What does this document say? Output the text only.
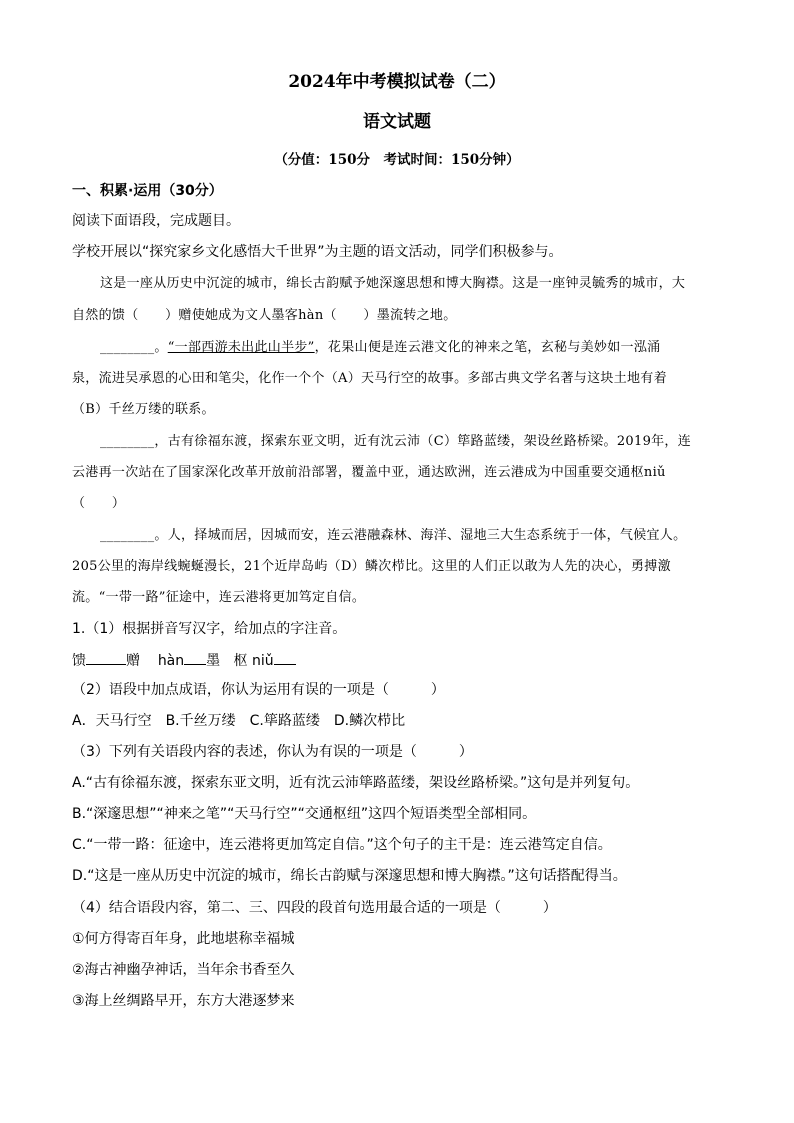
2024年中考模拟试卷（二）
语文试题
（分值：150分　考试时间：150分钟）
一、积累·运用（30分）
阅读下面语段，完成题目。
学校开展以“探究家乡文化感悟大千世界”为主题的语文活动，同学们积极参与。
这是一座从历史中沉淀的城市，绵长古韵赋予她深邃思想和博大胸襟。这是一座钟灵毓秀的城市，大
自然的馈（　　）赠使她成为文人墨客hàn（　　）墨流转之地。
________。“一部西游未出此山半步”，花果山便是连云港文化的神来之笔，玄秘与美妙如一泓涌
泉，流进吴承恩的心田和笔尖，化作一个个（A）天马行空的故事。多部古典文学名著与这块土地有着
（B）千丝万缕的联系。
________，古有徐福东渡，探索东亚文明，近有沈云沛（C）筚路蓝缕，架设丝路桥梁。2019年，连
云港再一次站在了国家深化改革开放前沿部署，覆盖中亚，通达欧洲，连云港成为中国重要交通枢niǔ
（　　）
________。人，择城而居，因城而安，连云港融森林、海洋、湿地三大生态系统于一体，气候宜人。
205公里的海岸线蜿蜒漫长，21个近岸岛屿（D）鳞次栉比。这里的人们正以敢为人先的决心，勇搏激
流。“一带一路”征途中，连云港将更加笃定自信。
1.（1）根据拼音写汉字，给加点的字注音。
馈	赠 hàn 墨 枢 niǔ
（2）语段中加点成语，你认为运用有误的一项是（　　　）
A．天马行空　B.千丝万缕　C.筚路蓝缕　D.鳞次栉比
（3）下列有关语段内容的表述，你认为有误的一项是（　　　）
A.“古有徐福东渡，探索东亚文明，近有沈云沛筚路蓝缕，架设丝路桥梁。”这句是并列复句。
B.“深邃思想”“神来之笔”“天马行空”“交通枢纽”这四个短语类型全部相同。
C.“一带一路：征途中，连云港将更加笃定自信。”这个句子的主干是：连云港笃定自信。
D.“这是一座从历史中沉淀的城市，绵长古韵赋与深邃思想和博大胸襟。”这句话搭配得当。
（4）结合语段内容，第二、三、四段的段首句选用最合适的一项是（　　　）
①何方得寄百年身，此地堪称幸福城
②海古神幽孕神话，当年余书香至久
③海上丝绸路早开，东方大港逐梦来
